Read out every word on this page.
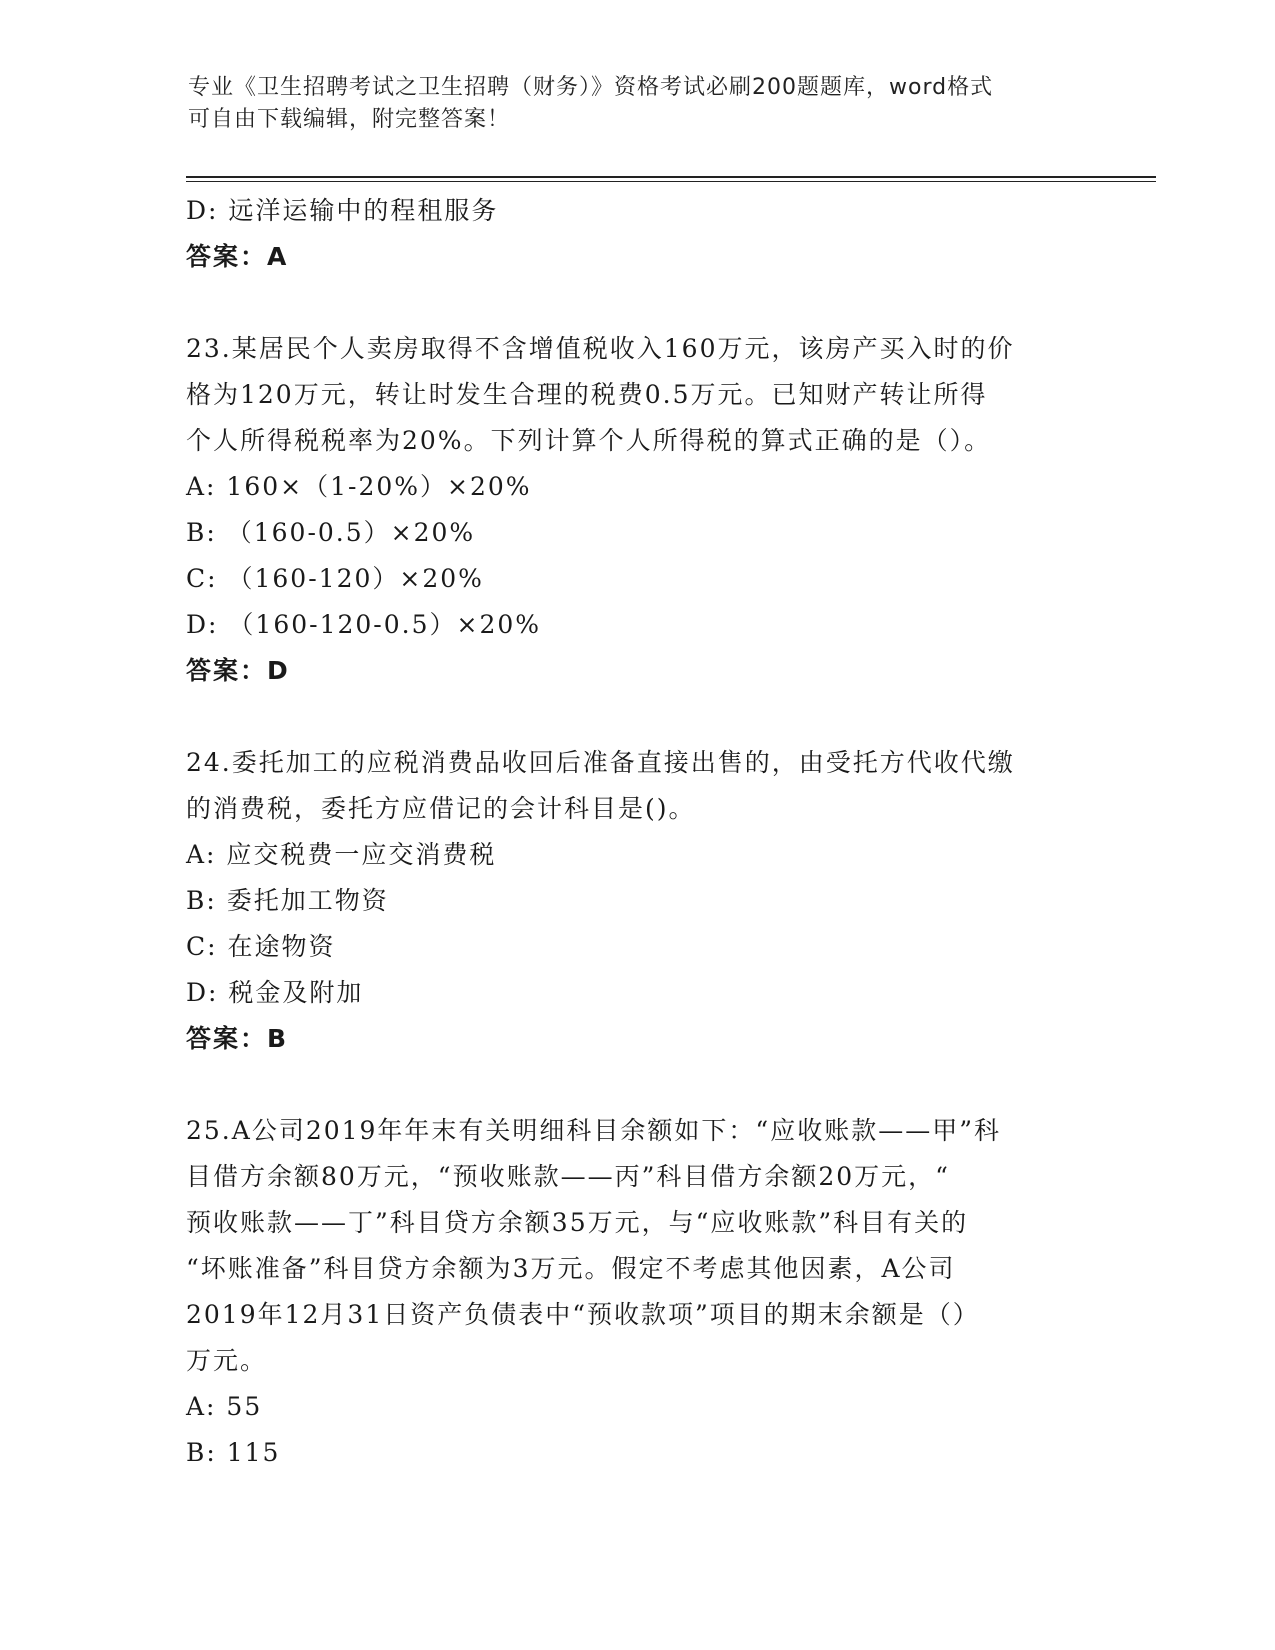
专业《卫生招聘考试之卫生招聘（财务）》资格考试必刷200题题库，word格式
可自由下载编辑，附完整答案！
D: 远洋运输中的程租服务
答案：A
23.某居民个人卖房取得不含增值税收入160万元，该房产买入时的价
格为120万元，转让时发生合理的税费0.5万元。已知财产转让所得
个人所得税税率为20%。下列计算个人所得税的算式正确的是（）。
A: 160×（1-20%）×20%
B: （160-0.5）×20%
C: （160-120）×20%
D: （160-120-0.5）×20%
答案：D
24.委托加工的应税消费品收回后准备直接出售的，由受托方代收代缴
的消费税，委托方应借记的会计科目是()。
A: 应交税费一应交消费税
B: 委托加工物资
C: 在途物资
D: 税金及附加
答案：B
25.A公司2019年年末有关明细科目余额如下：“应收账款——甲”科
目借方余额80万元，“预收账款——丙”科目借方余额20万元，“
预收账款——丁”科目贷方余额35万元，与“应收账款”科目有关的
“坏账准备”科目贷方余额为3万元。假定不考虑其他因素，A公司
2019年12月31日资产负债表中“预收款项”项目的期末余额是（）
万元。
A: 55
B: 115
